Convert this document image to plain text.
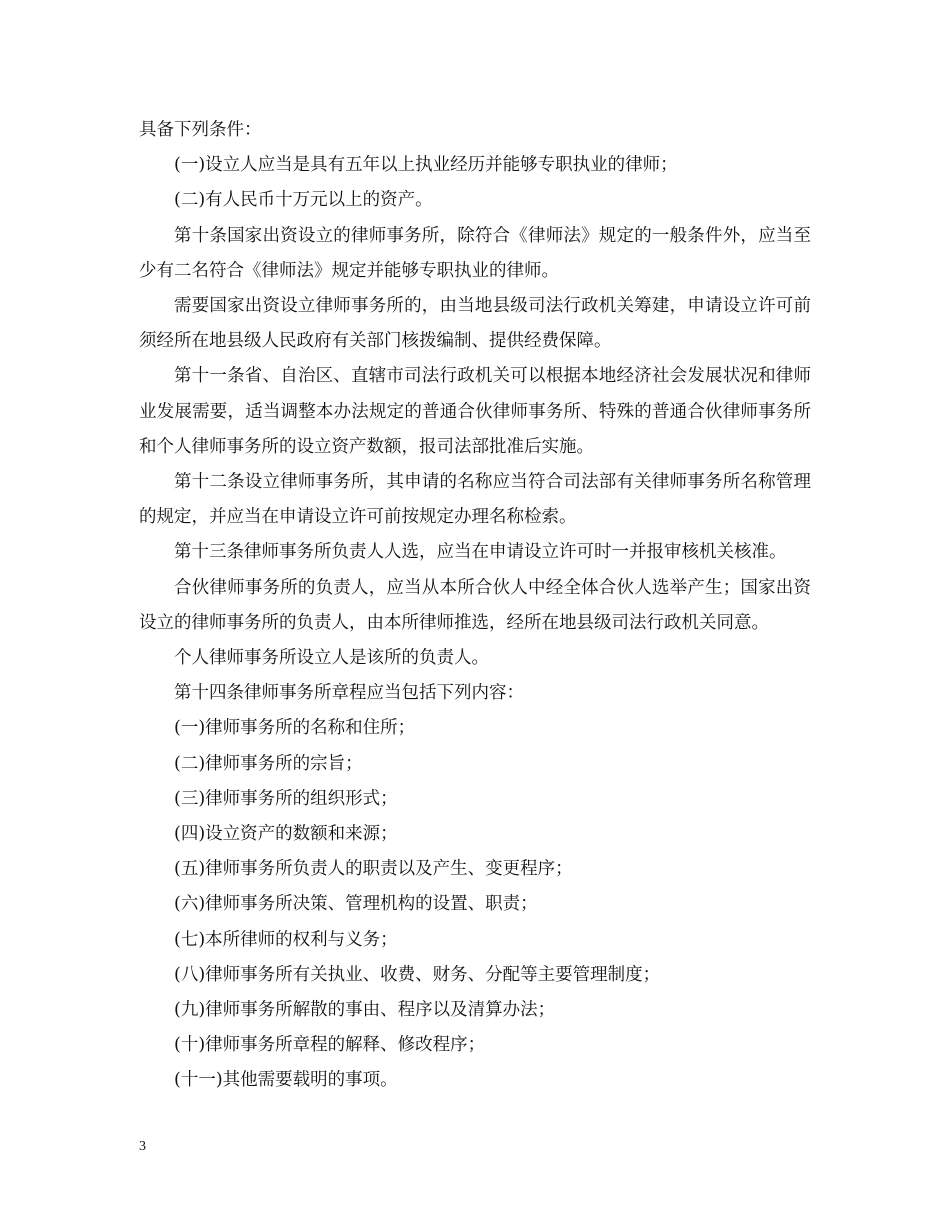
具备下列条件：

(一)设立人应当是具有五年以上执业经历并能够专职执业的律师；

(二)有人民币十万元以上的资产。

第十条国家出资设立的律师事务所，除符合《律师法》规定的一般条件外，应当至少有二名符合《律师法》规定并能够专职执业的律师。

需要国家出资设立律师事务所的，由当地县级司法行政机关筹建，申请设立许可前须经所在地县级人民政府有关部门核拨编制、提供经费保障。

第十一条省、自治区、直辖市司法行政机关可以根据本地经济社会发展状况和律师业发展需要，适当调整本办法规定的普通合伙律师事务所、特殊的普通合伙律师事务所和个人律师事务所的设立资产数额，报司法部批准后实施。

第十二条设立律师事务所，其申请的名称应当符合司法部有关律师事务所名称管理的规定，并应当在申请设立许可前按规定办理名称检索。

第十三条律师事务所负责人人选，应当在申请设立许可时一并报审核机关核准。

合伙律师事务所的负责人，应当从本所合伙人中经全体合伙人选举产生；国家出资设立的律师事务所的负责人，由本所律师推选，经所在地县级司法行政机关同意。

个人律师事务所设立人是该所的负责人。

第十四条律师事务所章程应当包括下列内容：

(一)律师事务所的名称和住所；

(二)律师事务所的宗旨；

(三)律师事务所的组织形式；

(四)设立资产的数额和来源；

(五)律师事务所负责人的职责以及产生、变更程序；

(六)律师事务所决策、管理机构的设置、职责；

(七)本所律师的权利与义务；

(八)律师事务所有关执业、收费、财务、分配等主要管理制度；

(九)律师事务所解散的事由、程序以及清算办法；

(十)律师事务所章程的解释、修改程序；

(十一)其他需要载明的事项。

3
